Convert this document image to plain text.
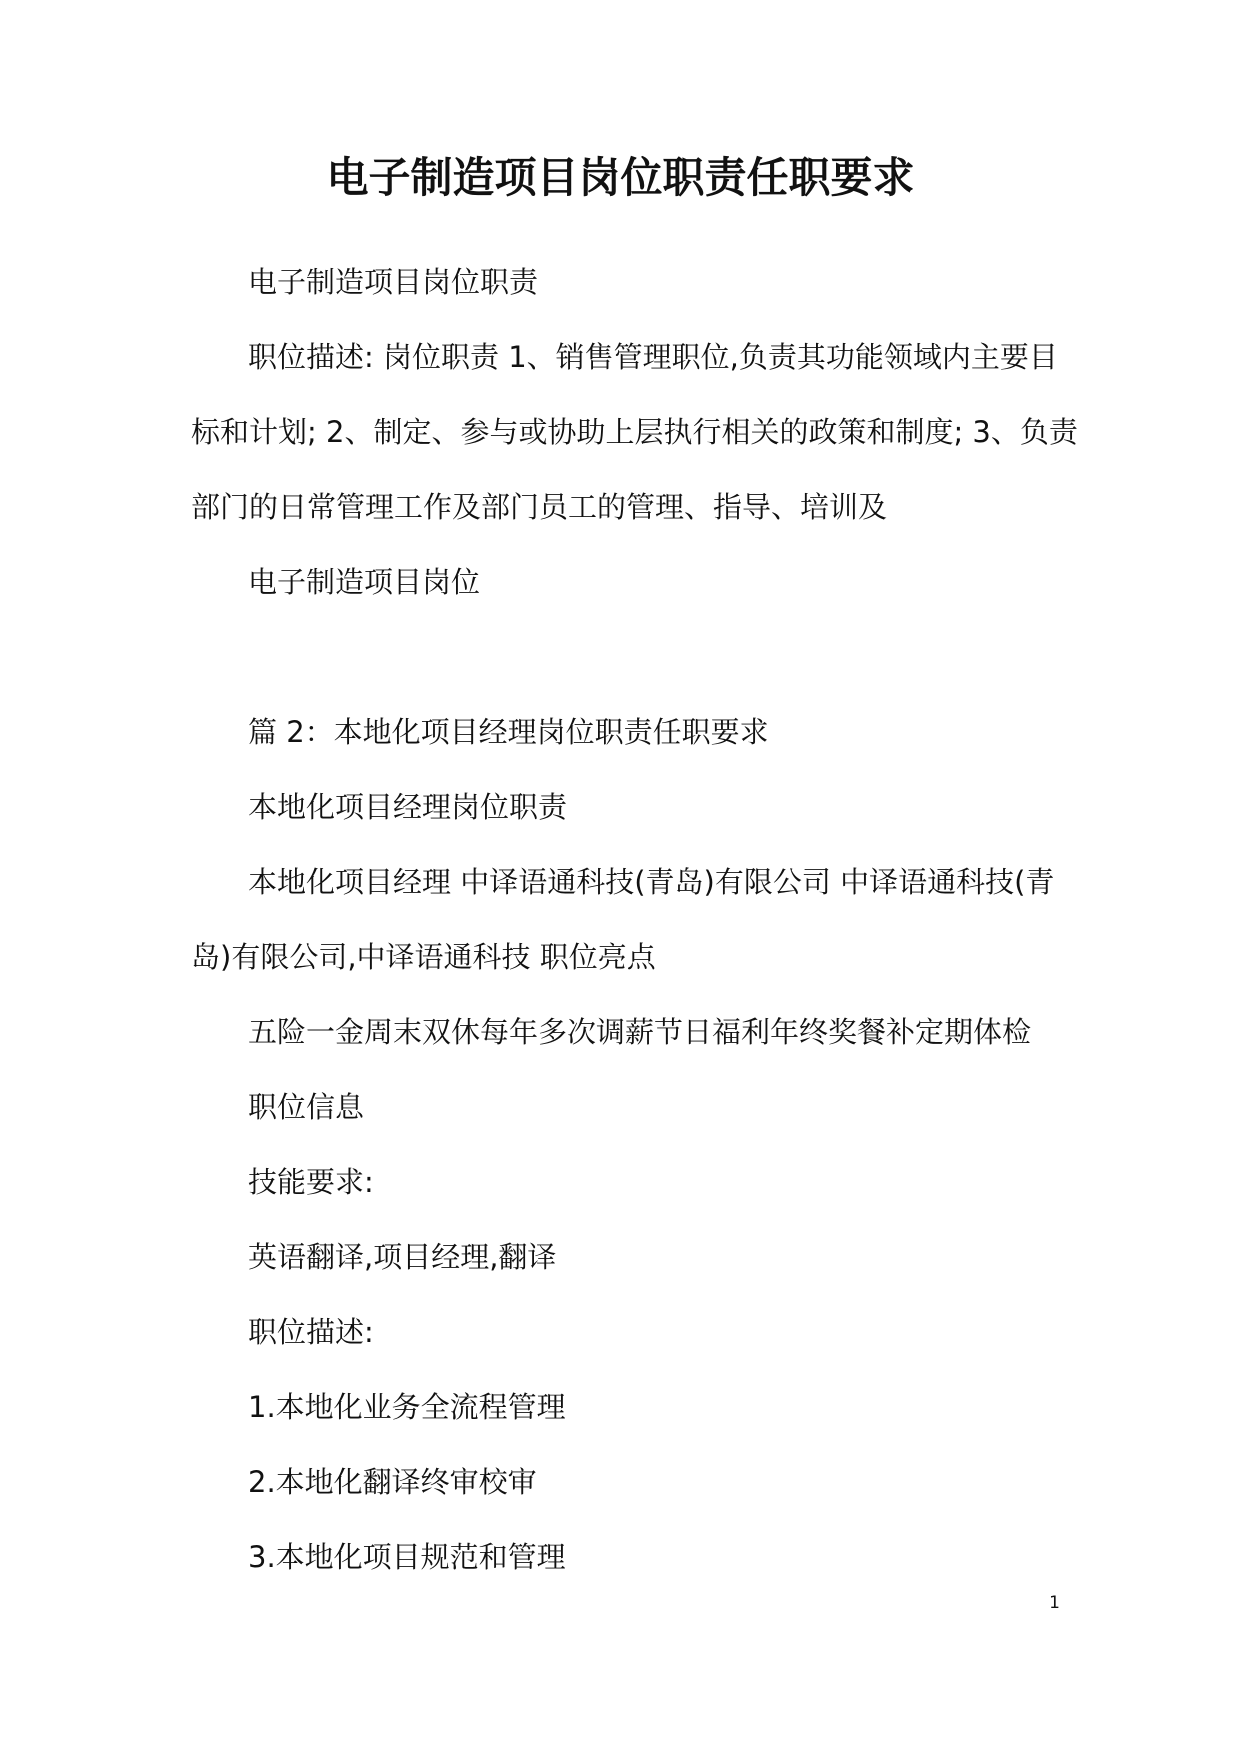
电子制造项目岗位职责任职要求

电子制造项目岗位职责

职位描述: 岗位职责 1、销售管理职位,负责其功能领域内主要目

标和计划; 2、制定、参与或协助上层执行相关的政策和制度; 3、负责

部门的日常管理工作及部门员工的管理、指导、培训及

电子制造项目岗位

篇 2：本地化项目经理岗位职责任职要求

本地化项目经理岗位职责

本地化项目经理 中译语通科技(青岛)有限公司 中译语通科技(青

岛)有限公司,中译语通科技 职位亮点

五险一金周末双休每年多次调薪节日福利年终奖餐补定期体检

职位信息

技能要求:

英语翻译,项目经理,翻译

职位描述:

1.本地化业务全流程管理

2.本地化翻译终审校审

3.本地化项目规范和管理

1
